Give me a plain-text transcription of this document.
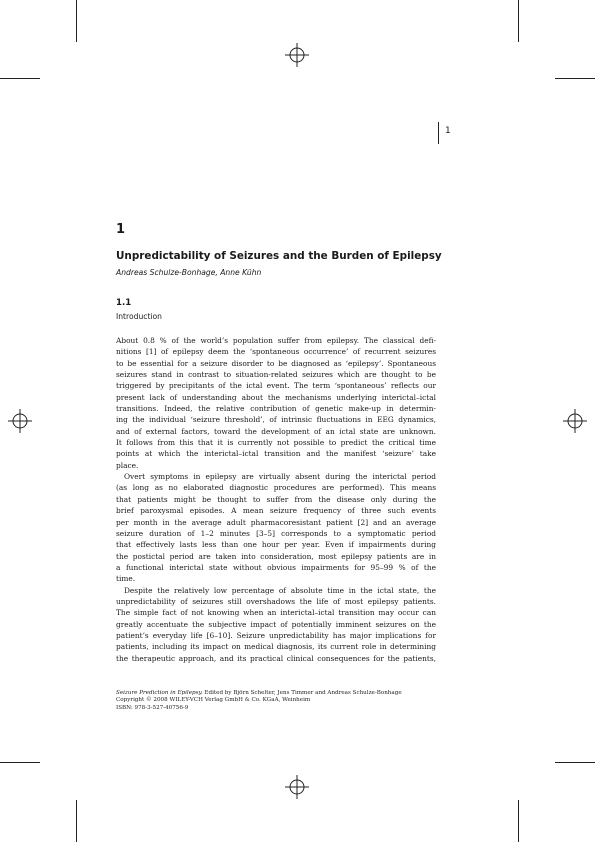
1
1
Unpredictability of Seizures and the Burden of Epilepsy
Andreas Schulze-Bonhage, Anne Kühn
1.1
Introduction
About 0.8 % of the world’s population suffer from epilepsy. The classical defi-
nitions [1] of epilepsy deem the ‘spontaneous occurrence’ of recurrent seizures
to be essential for a seizure disorder to be diagnosed as ‘epilepsy’. Spontaneous
seizures stand in contrast to situation-related seizures which are thought to be
triggered by precipitants of the ictal event. The term ‘spontaneous’ reflects our
present lack of understanding about the mechanisms underlying interictal–ictal
transitions. Indeed, the relative contribution of genetic make-up in determin-
ing the individual ‘seizure threshold’, of intrinsic fluctuations in EEG dynamics,
and of external factors, toward the development of an ictal state are unknown.
It follows from this that it is currently not possible to predict the critical time
points at which the interictal–ictal transition and the manifest ‘seizure’ take
place.
Overt symptoms in epilepsy are virtually absent during the interictal period
(as long as no elaborated diagnostic procedures are performed). This means
that patients might be thought to suffer from the disease only during the
brief paroxysmal episodes. A mean seizure frequency of three such events
per month in the average adult pharmacoresistant patient [2] and an average
seizure duration of 1–2 minutes [3–5] corresponds to a symptomatic period
that effectively lasts less than one hour per year. Even if impairments during
the postictal period are taken into consideration, most epilepsy patients are in
a functional interictal state without obvious impairments for 95–99 % of the
time.
Despite the relatively low percentage of absolute time in the ictal state, the
unpredictability of seizures still overshadows the life of most epilepsy patients.
The simple fact of not knowing when an interictal–ictal transition may occur can
greatly accentuate the subjective impact of potentially imminent seizures on the
patient’s everyday life [6–10]. Seizure unpredictability has major implications for
patients, including its impact on medical diagnosis, its current role in determining
the therapeutic approach, and its practical clinical consequences for the patients,
Seizure Prediction in Epilepsy. Edited by Björn Schelter, Jens Timmer and Andreas Schulze-Bonhage
Copyright © 2008 WILEY-VCH Verlag GmbH & Co. KGaA, Weinheim
ISBN: 978-3-527-40756-9
